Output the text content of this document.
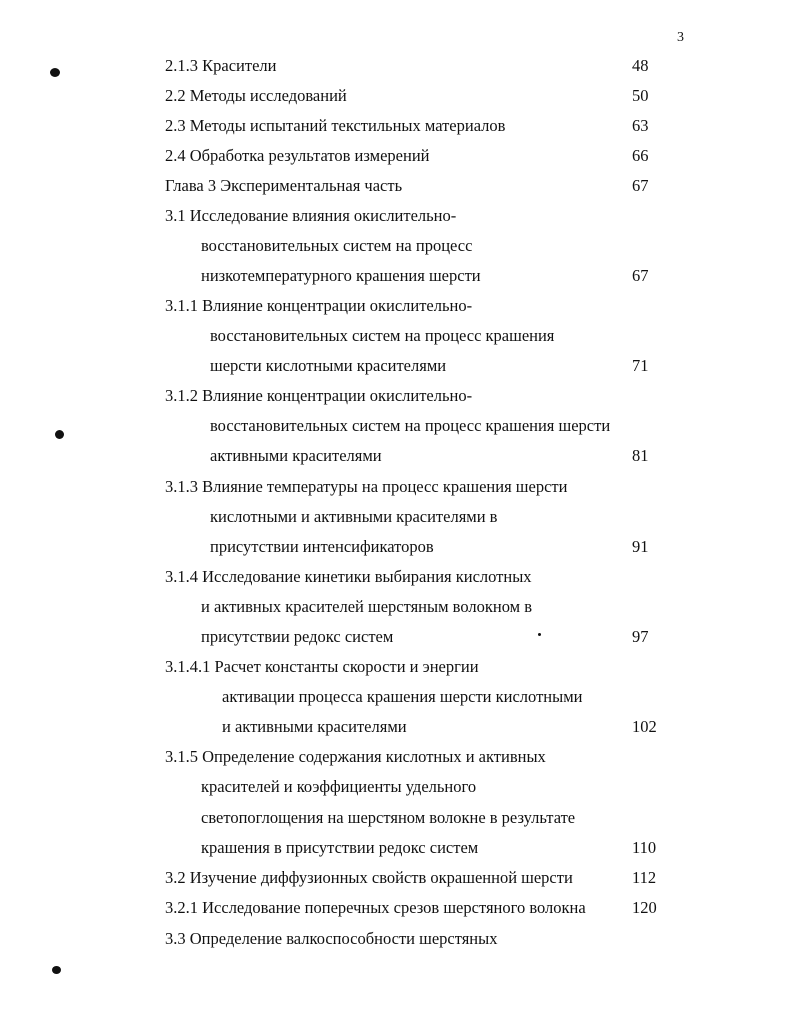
3
2.1.3 Красители	48
2.2 Методы исследований	50
2.3 Методы испытаний текстильных материалов	63
2.4 Обработка результатов измерений	66
Глава 3 Экспериментальная часть	67
3.1 Исследование влияния окислительно-
восстановительных систем на процесс
низкотемпературного крашения шерсти	67
3.1.1 Влияние концентрации окислительно-
восстановительных систем на процесс крашения
шерсти кислотными красителями	71
3.1.2 Влияние концентрации окислительно-
восстановительных систем на процесс крашения шерсти
активными красителями	81
3.1.3 Влияние температуры на процесс крашения шерсти
кислотными и активными красителями в
присутствии интенсификаторов	91
3.1.4 Исследование кинетики выбирания кислотных
и активных красителей шерстяным волокном в
присутствии редокс систем	97
3.1.4.1 Расчет константы скорости и энергии
активации процесса крашения шерсти кислотными
и активными красителями	102
3.1.5 Определение содержания кислотных и активных
красителей и коэффициенты удельного
светопоглощения на шерстяном волокне в результате
крашения в присутствии редокс систем	110
3.2 Изучение диффузионных свойств окрашенной шерсти	112
3.2.1 Исследование поперечных срезов шерстяного волокна	120
3.3 Определение валкоспособности шерстяных
